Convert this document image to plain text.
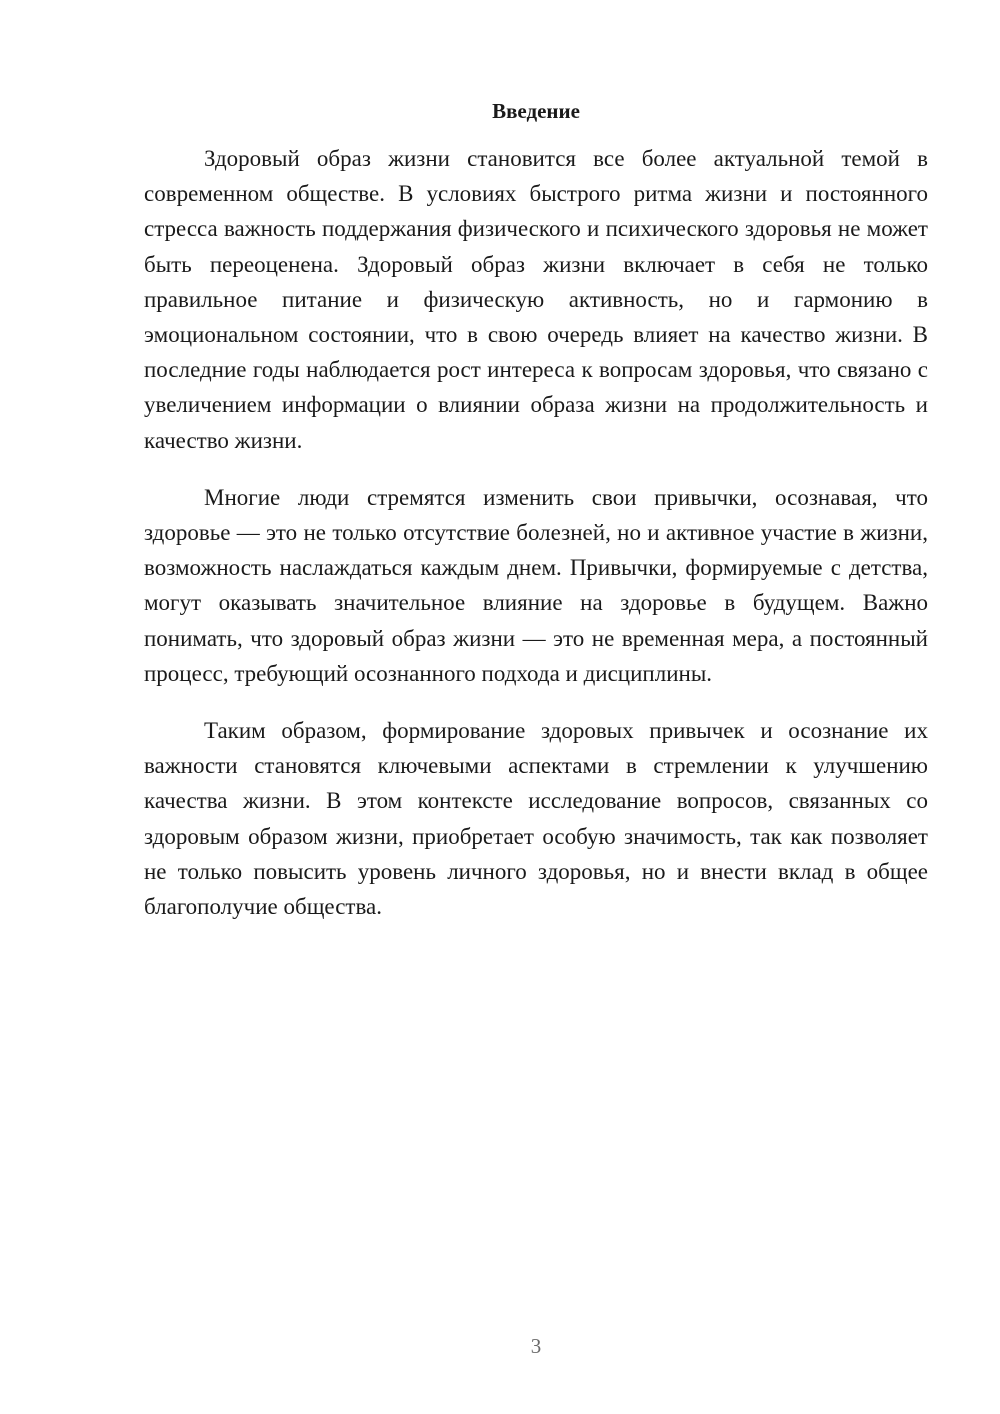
Введение

Здоровый образ жизни становится все более актуальной темой в современном обществе. В условиях быстрого ритма жизни и постоянного стресса важность поддержания физического и психического здоровья не может быть переоценена. Здоровый образ жизни включает в себя не только правильное питание и физическую активность, но и гармонию в эмоциональном состоянии, что в свою очередь влияет на качество жизни. В последние годы наблюдается рост интереса к вопросам здоровья, что связано с увеличением информации о влиянии образа жизни на продолжительность и качество жизни.

Многие люди стремятся изменить свои привычки, осознавая, что здоровье — это не только отсутствие болезней, но и активное участие в жизни, возможность наслаждаться каждым днем. Привычки, формируемые с детства, могут оказывать значительное влияние на здоровье в будущем. Важно понимать, что здоровый образ жизни — это не временная мера, а постоянный процесс, требующий осознанного подхода и дисциплины.

Таким образом, формирование здоровых привычек и осознание их важности становятся ключевыми аспектами в стремлении к улучшению качества жизни. В этом контексте исследование вопросов, связанных со здоровым образом жизни, приобретает особую значимость, так как позволяет не только повысить уровень личного здоровья, но и внести вклад в общее благополучие общества.

3
